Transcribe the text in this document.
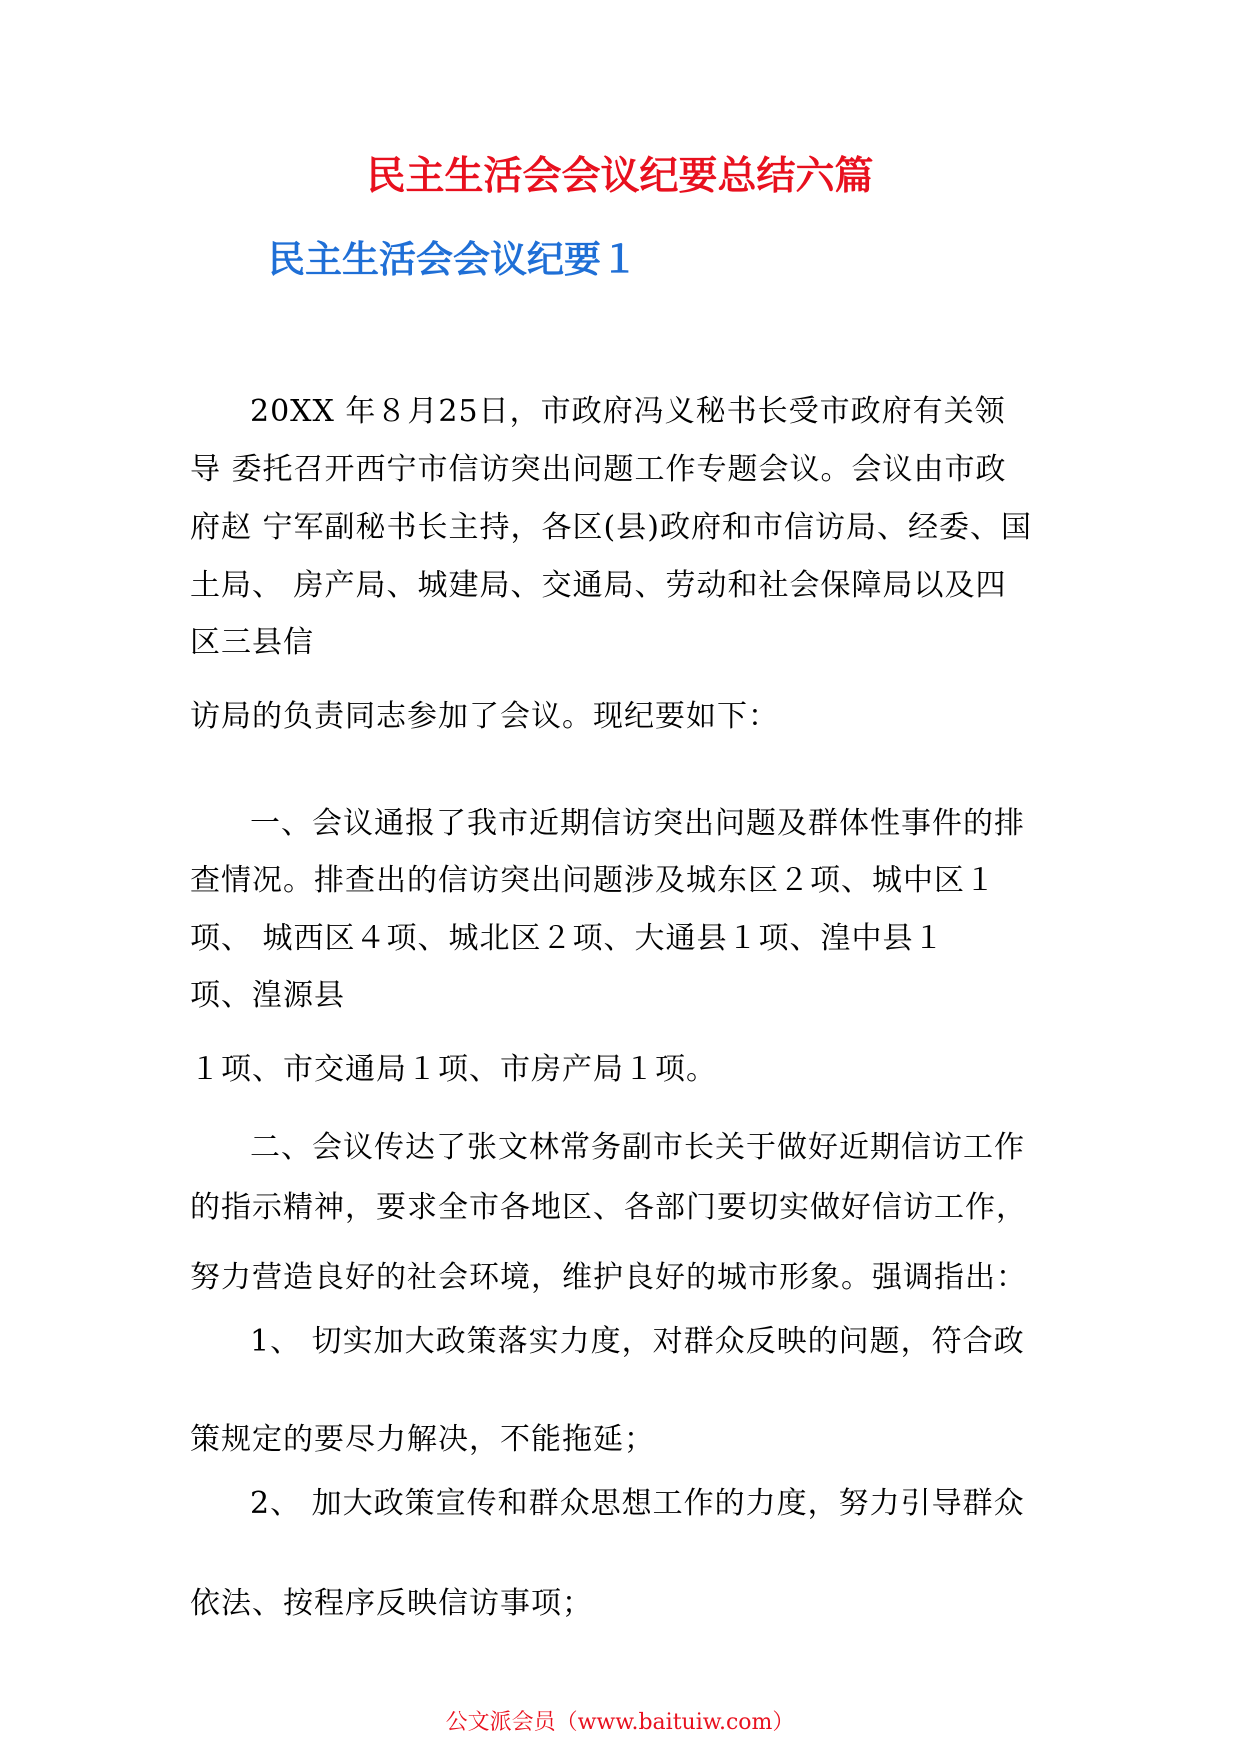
民主生活会会议纪要总结六篇
民主生活会会议纪要１

20XX 年８月25日，市政府冯义秘书长受市政府有关领

导 委托召开西宁市信访突出问题工作专题会议。会议由市政

府赵 宁军副秘书长主持，各区(县)政府和市信访局、经委、国

土局、 房产局、城建局、交通局、劳动和社会保障局以及四

区三县信

访局的负责同志参加了会议。现纪要如下：

一、会议通报了我市近期信访突出问题及群体性事件的排

查情况。排查出的信访突出问题涉及城东区２项、城中区１

项、 城西区４项、城北区２项、大通县１项、湟中县１

项、湟源县

１项、市交通局１项、市房产局１项。

二、会议传达了张文林常务副市长关于做好近期信访工作

的指示精神，要求全市各地区、各部门要切实做好信访工作，

努力营造良好的社会环境，维护良好的城市形象。强调指出：

1、 切实加大政策落实力度，对群众反映的问题，符合政

策规定的要尽力解决，不能拖延；

2、 加大政策宣传和群众思想工作的力度，努力引导群众

依法、按程序反映信访事项；

公文派会员（www.baituiw.com）
